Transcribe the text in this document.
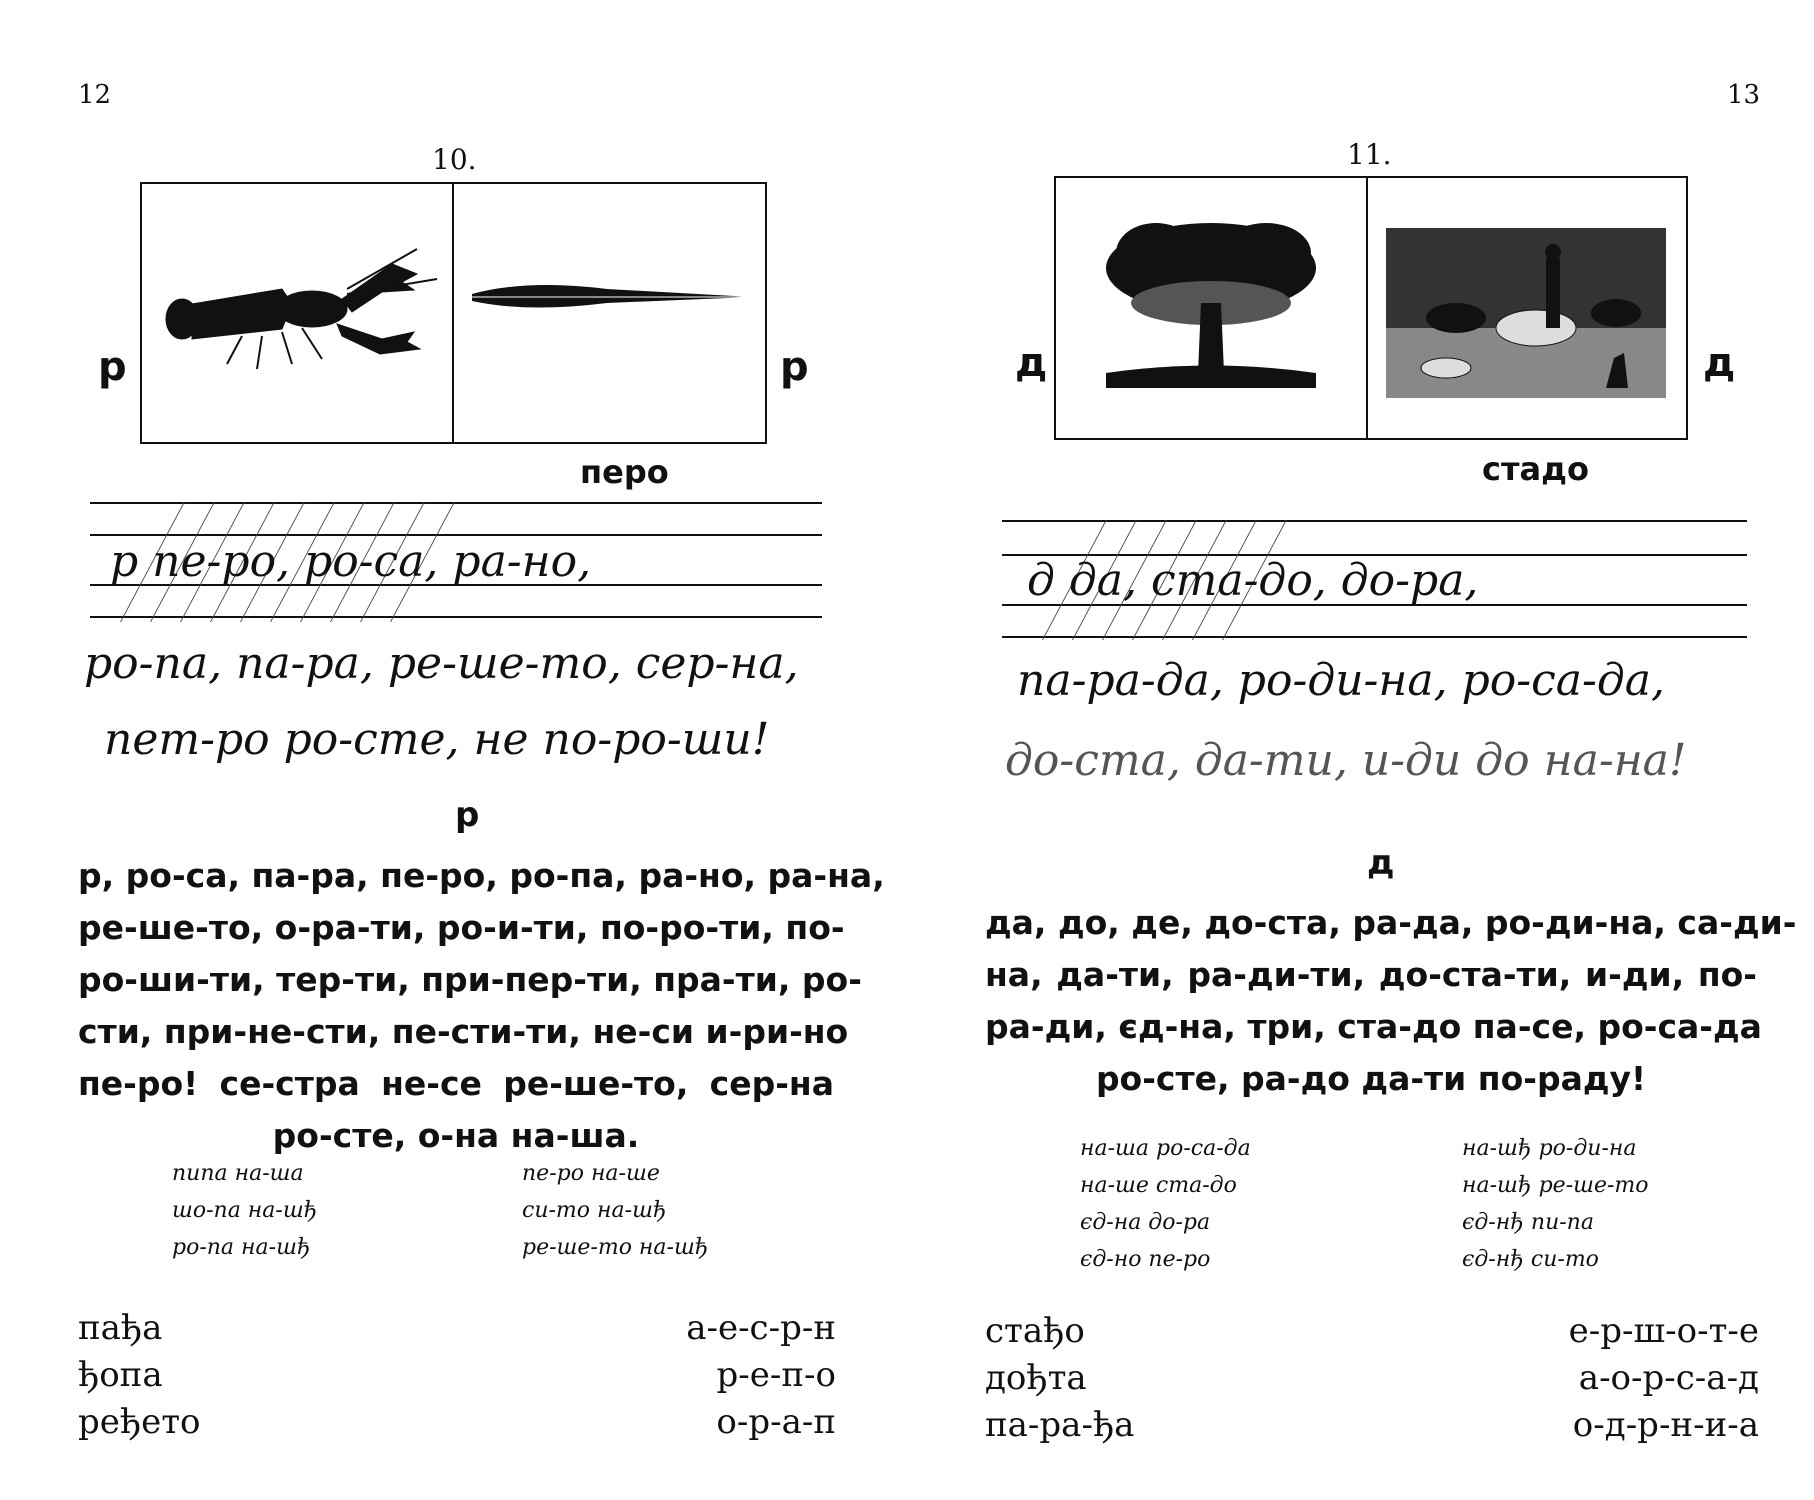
12
10.
р	р
перо
р пе-ро, ро-са, ра-но,
ро-па, па-ра, ре-ше-то, сер-на,
пет-ро ро-сте, не по-ро-ши!
р
р, ро-са, па-ра, пе-ро, ро-па, ра-но, ра-на,
ре-ше-то, о-ра-ти, ро-и-ти, по-ро-ти, по-
ро-ши-ти, тер-ти, при-пер-ти, пра-ти, ро-
сти, при-не-сти, пе-сти-ти, не-си и-ри-но
пе-ро! се-стра не-се ре-ше-то, сер-на
ро-сте, о-на на-ша.
пипа на-ша
шо-па на-шђ
ро-па на-шђ
пе-ро на-ше
си-то на-шђ
ре-ше-то на-шђ
пађа
ђопа
ређето
а-е-с-р-н
р-е-п-о
о-р-а-п
13
11.
д	д
стадо
д да, ста-до, до-ра,
па-ра-да, ро-ди-на, ро-са-да,
до-ста, да-ти, и-ди до на-на!
д
да, до, де, до-ста, ра-да, ро-ди-на, са-ди-
на, да-ти, ра-ди-ти, до-ста-ти, и-ди, по-
ра-ди, єд-на, три, ста-до па-се, ро-са-да
ро-сте, ра-до да-ти по-раду!
на-ша ро-са-да
на-ше ста-до
єд-на до-ра
єд-но пе-ро
на-шђ ро-ди-на
на-шђ ре-ше-то
єд-нђ пи-па
єд-нђ си-то
стађо
дођта
па-ра-ђа
е-р-ш-о-т-е
а-о-р-с-а-д
о-д-р-н-и-а
